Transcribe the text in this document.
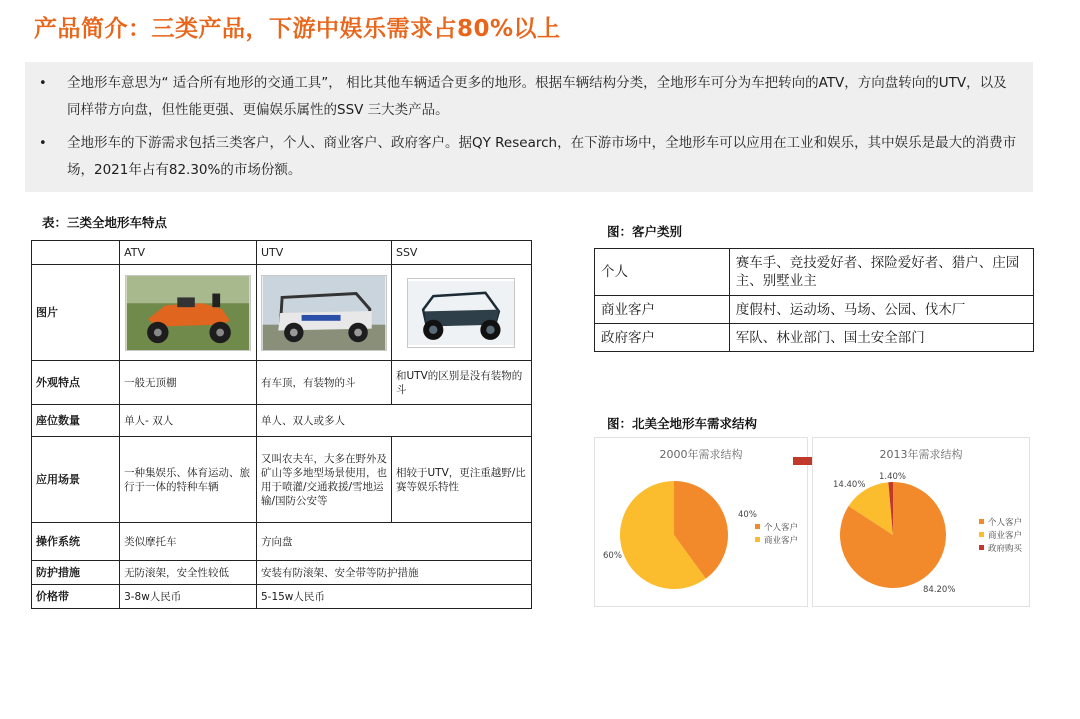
产品简介：三类产品，下游中娱乐需求占80%以上
• 全地形车意思为“ 适合所有地形的交通工具”， 相比其他车辆适合更多的地形。根据车辆结构分类，全地形车可分为车把转向的ATV，方向盘转向的UTV，以及同样带方向盘，但性能更强、更偏娱乐属性的SSV 三大类产品。
• 全地形车的下游需求包括三类客户，个人、商业客户、政府客户。据QY Research，在下游市场中，全地形车可以应用在工业和娱乐，其中娱乐是最大的消费市场，2021年占有82.30%的市场份额。
表：三类全地形车特点
	ATV	UTV	SSV
图片	

外观特点	一般无顶棚	有车顶，有装物的斗	和UTV的区别是没有装物的斗
座位数量	单人- 双人	单人、双人或多人	
应用场景	一种集娱乐、体育运动、旅行于一体的特种车辆	又叫农夫车，大多在野外及矿山等多地型场景使用，也用于喷灌/交通救援/雪地运输/国防公安等	相较于UTV，更注重越野/比赛等娱乐特性
操作系统	类似摩托车	方向盘	
防护措施	无防滚架，安全性较低	安装有防滚架、安全带等防护措施	
价格带	3-8w人民币	5-15w人民币	
图：客户类别
个人	赛车手、竞技爱好者、探险爱好者、猎户、庄园主、别墅业主
商业客户	度假村、运动场、马场、公园、伐木厂
政府客户	军队、林业部门、国土安全部门
图：北美全地形车需求结构
2000年需求结构
40%
60%
个人客户
商业客户
2013年需求结构
84.20%
14.40%
1.40%
个人客户
商业客户
政府购买
